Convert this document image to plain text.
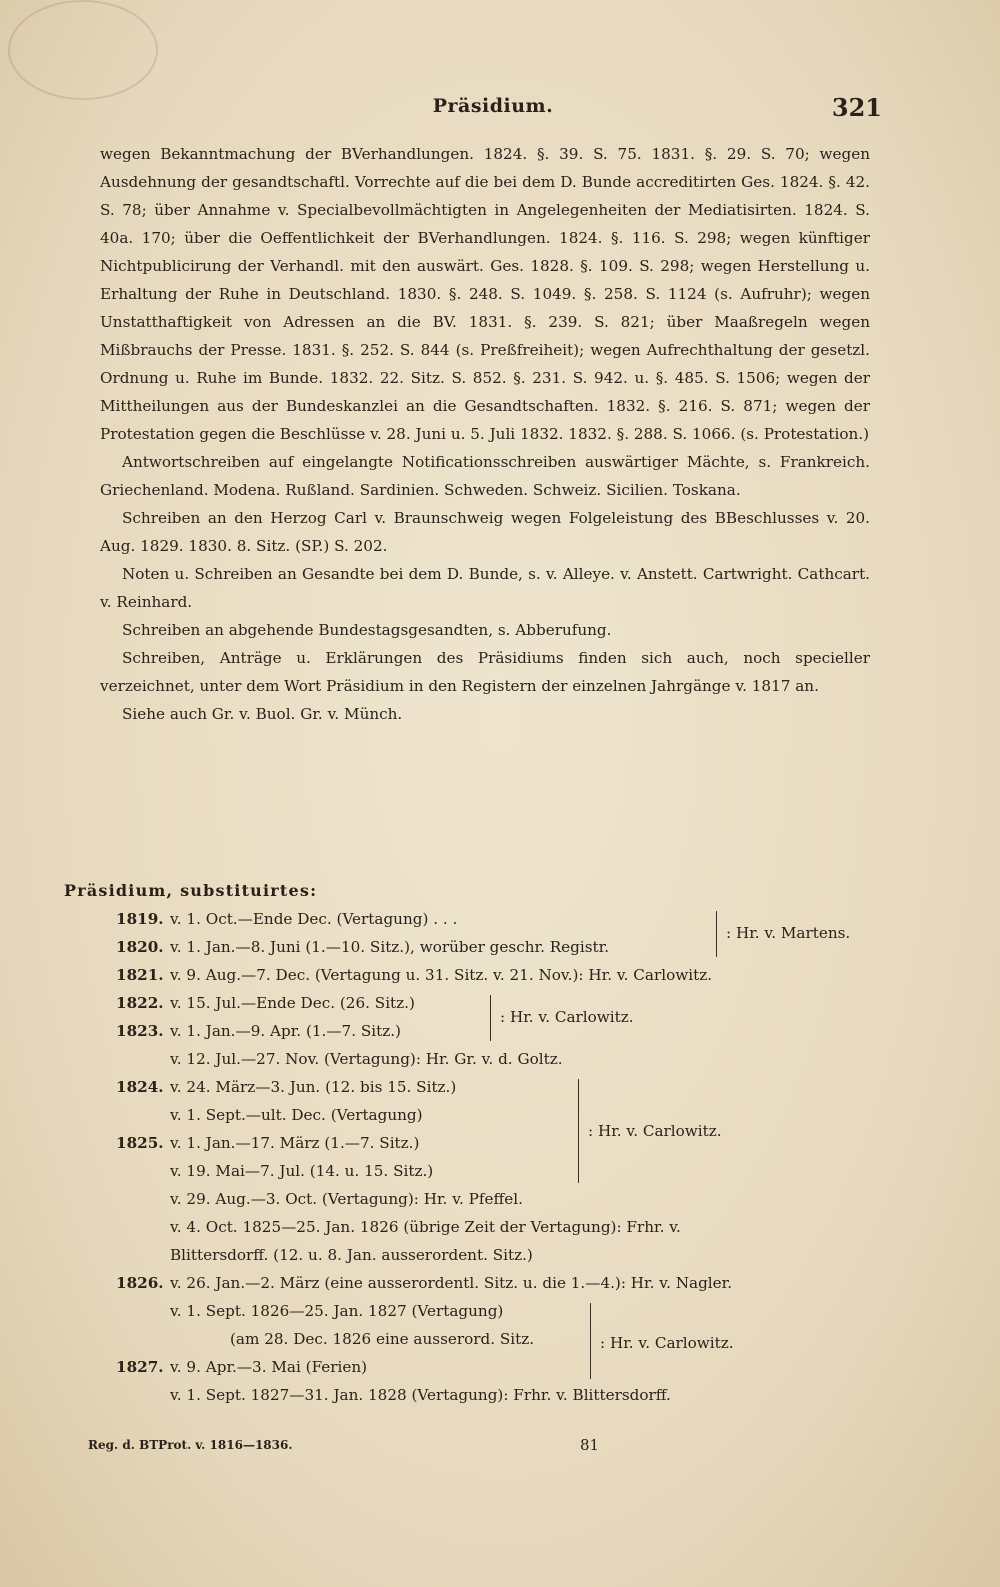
Präsidium.	321

wegen Bekanntmachung der BVerhandlungen. 1824. §. 39. S. 75. 1831. §. 29. S. 70; wegen Ausdehnung der gesandtschaftl. Vorrechte auf die bei dem D. Bunde accreditirten Ges. 1824. §. 42. S. 78; über Annahme v. Specialbevollmächtigten in Angelegenheiten der Mediatisirten. 1824. S. 40a. 170; über die Oeffentlichkeit der BVerhandlungen. 1824. §. 116. S. 298; wegen künftiger Nichtpublicirung der Verhandl. mit den auswärt. Ges. 1828. §. 109. S. 298; wegen Herstellung u. Erhaltung der Ruhe in Deutschland. 1830. §. 248. S. 1049. §. 258. S. 1124 (s. Aufruhr); wegen Unstatthaftigkeit von Adressen an die BV. 1831. §. 239. S. 821; über Maaßregeln wegen Mißbrauchs der Presse. 1831. §. 252. S. 844 (s. Preßfreiheit); wegen Aufrechthaltung der gesetzl. Ordnung u. Ruhe im Bunde. 1832. 22. Sitz. S. 852. §. 231. S. 942. u. §. 485. S. 1506; wegen der Mittheilungen aus der Bundeskanzlei an die Gesandtschaften. 1832. §. 216. S. 871; wegen der Protestation gegen die Beschlüsse v. 28. Juni u. 5. Juli 1832. 1832. §. 288. S. 1066. (s. Protestation.)

Antwortschreiben auf eingelangte Notificationsschreiben auswärtiger Mächte, s. Frankreich. Griechenland. Modena. Rußland. Sardinien. Schweden. Schweiz. Sicilien. Toskana.

Schreiben an den Herzog Carl v. Braunschweig wegen Folgeleistung des BBeschlusses v. 20. Aug. 1829. 1830. 8. Sitz. (SP.) S. 202.

Noten u. Schreiben an Gesandte bei dem D. Bunde, s. v. Alleye. v. Anstett. Cartwright. Cathcart. v. Reinhard.

Schreiben an abgehende Bundestagsgesandten, s. Abberufung.

Schreiben, Anträge u. Erklärungen des Präsidiums finden sich auch, noch specieller verzeichnet, unter dem Wort Präsidium in den Registern der einzelnen Jahrgänge v. 1817 an.

Siehe auch Gr. v. Buol. Gr. v. Münch.

Präsidium, substituirtes:
1819. v. 1. Oct.—Ende Dec. (Vertagung) . . .
1820. v. 1. Jan.—8. Juni (1.—10. Sitz.), worüber geschr. Registr.
1821. v. 9. Aug.—7. Dec. (Vertagung u. 31. Sitz. v. 21. Nov.): Hr. v. Carlowitz.
1822. v. 15. Jul.—Ende Dec. (26. Sitz.)
1823. v. 1. Jan.—9. Apr. (1.—7. Sitz.)
v. 12. Jul.—27. Nov. (Vertagung): Hr. Gr. v. d. Goltz.
1824. v. 24. März—3. Jun. (12. bis 15. Sitz.)
v. 1. Sept.—ult. Dec. (Vertagung)
1825. v. 1. Jan.—17. März (1.—7. Sitz.)
v. 19. Mai—7. Jul. (14. u. 15. Sitz.)
v. 29. Aug.—3. Oct. (Vertagung): Hr. v. Pfeffel.
v. 4. Oct. 1825—25. Jan. 1826 (übrige Zeit der Vertagung): Frhr. v.
Blittersdorff. (12. u. 8. Jan. ausserordent. Sitz.)
1826. v. 26. Jan.—2. März (eine ausserordentl. Sitz. u. die 1.—4.): Hr. v. Nagler.
v. 1. Sept. 1826—25. Jan. 1827 (Vertagung)
(am 28. Dec. 1826 eine ausserord. Sitz.
1827. v. 9. Apr.—3. Mai (Ferien)
v. 1. Sept. 1827—31. Jan. 1828 (Vertagung): Frhr. v. Blittersdorff.
: Hr. v. Martens.
: Hr. v. Carlowitz.
: Hr. v. Carlowitz.
: Hr. v. Carlowitz.
Reg. d. BTProt. v. 1816—1836.	81
